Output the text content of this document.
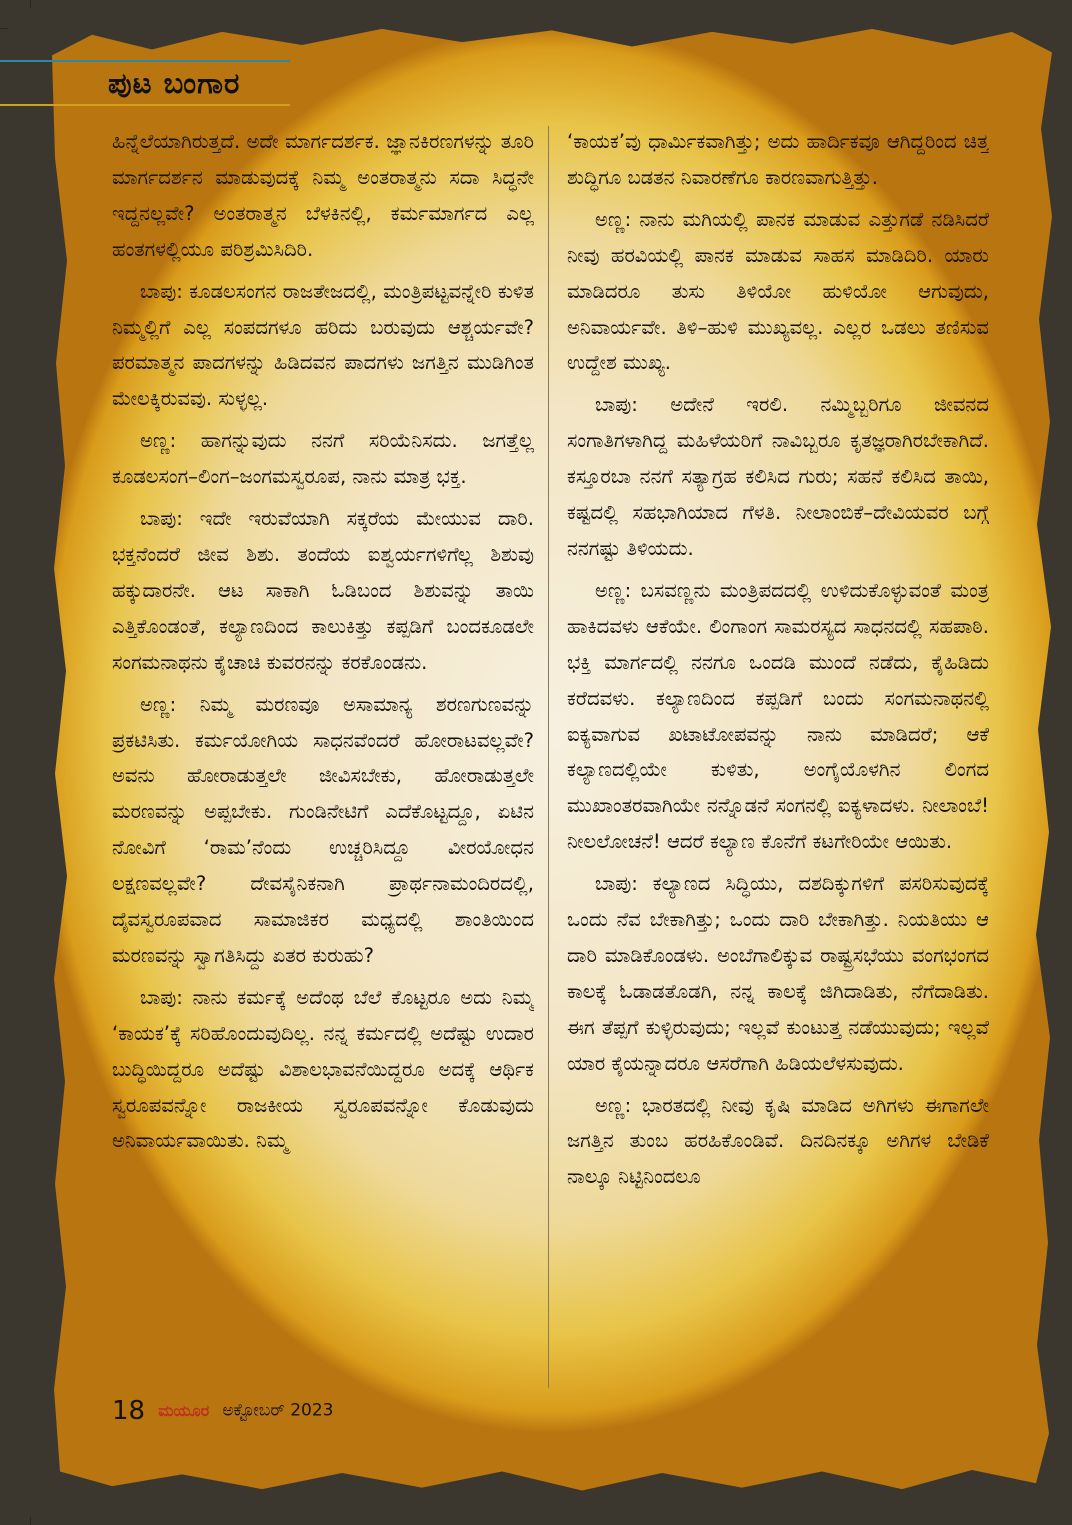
ಪುಟ ಬಂಗಾರ

ಹಿನ್ನೆಲೆಯಾಗಿರುತ್ತದೆ. ಅದೇ ಮಾರ್ಗದರ್ಶಕ. ಜ್ಞಾನಕಿರಣಗಳನ್ನು ತೂರಿ ಮಾರ್ಗದರ್ಶನ ಮಾಡುವುದಕ್ಕೆ ನಿಮ್ಮ ಅಂತರಾತ್ಮನು ಸದಾ ಸಿದ್ಧನೇ ಇದ್ದನಲ್ಲವೇ? ಅಂತರಾತ್ಮನ ಬೆಳಕಿನಲ್ಲಿ, ಕರ್ಮಮಾರ್ಗದ ಎಲ್ಲ ಹಂತಗಳಲ್ಲಿಯೂ ಪರಿಶ್ರಮಿಸಿದಿರಿ.

ಬಾಪು: ಕೂಡಲಸಂಗನ ರಾಜತೇಜದಲ್ಲಿ, ಮಂತ್ರಿಪಟ್ಟವನ್ನೇರಿ ಕುಳಿತ ನಿಮ್ಮಲ್ಲಿಗೆ ಎಲ್ಲ ಸಂಪದಗಳೂ ಹರಿದು ಬರುವುದು ಆಶ್ಚರ್ಯವೇ? ಪರಮಾತ್ಮನ ಪಾದಗಳನ್ನು ಹಿಡಿದವನ ಪಾದಗಳು ಜಗತ್ತಿನ ಮುಡಿಗಿಂತ ಮೇಲಕ್ಕಿರುವವು. ಸುಳ್ಳಲ್ಲ.

ಅಣ್ಣ: ಹಾಗನ್ನುವುದು ನನಗೆ ಸರಿಯೆನಿಸದು. ಜಗತ್ತೆಲ್ಲ ಕೂಡಲಸಂಗ–ಲಿಂಗ–ಜಂಗಮಸ್ವರೂಪ, ನಾನು ಮಾತ್ರ ಭಕ್ತ.

ಬಾಪು: ಇದೇ ಇರುವೆಯಾಗಿ ಸಕ್ಕರೆಯ ಮೇಯುವ ದಾರಿ. ಭಕ್ತನೆಂದರೆ ಜೀವ ಶಿಶು. ತಂದೆಯ ಐಶ್ವರ್ಯಗಳಿಗೆಲ್ಲ ಶಿಶುವು ಹಕ್ಕುದಾರನೇ. ಆಟ ಸಾಕಾಗಿ ಓಡಿಬಂದ ಶಿಶುವನ್ನು ತಾಯಿ ಎತ್ತಿಕೊಂಡಂತೆ, ಕಲ್ಯಾಣದಿಂದ ಕಾಲುಕಿತ್ತು ಕಪ್ಪಡಿಗೆ ಬಂದಕೂಡಲೇ ಸಂಗಮನಾಥನು ಕೈಚಾಚಿ ಕುವರನನ್ನು ಕರಕೊಂಡನು.

ಅಣ್ಣ: ನಿಮ್ಮ ಮರಣವೂ ಅಸಾಮಾನ್ಯ ಶರಣಗುಣವನ್ನು ಪ್ರಕಟಿಸಿತು. ಕರ್ಮಯೋಗಿಯ ಸಾಧನವೆಂದರೆ ಹೋರಾಟವಲ್ಲವೇ? ಅವನು ಹೋರಾಡುತ್ತಲೇ ಜೀವಿಸಬೇಕು, ಹೋರಾಡುತ್ತಲೇ ಮರಣವನ್ನು ಅಪ್ಪಬೇಕು. ಗುಂಡಿನೇಟಿಗೆ ಎದೆಕೊಟ್ಟದ್ದೂ, ಏಟಿನ ನೋವಿಗೆ ‘ರಾಮ’ನೆಂದು ಉಚ್ಚರಿಸಿದ್ದೂ ವೀರಯೋಧನ ಲಕ್ಷಣವಲ್ಲವೇ? ದೇವಸೈನಿಕನಾಗಿ ಪ್ರಾರ್ಥನಾಮಂದಿರದಲ್ಲಿ, ದೈವಸ್ವರೂಪವಾದ ಸಾಮಾಜಿಕರ ಮಧ್ಯದಲ್ಲಿ ಶಾಂತಿಯಿಂದ ಮರಣವನ್ನು ಸ್ವಾಗತಿಸಿದ್ದು ಏತರ ಕುರುಹು?

ಬಾಪು: ನಾನು ಕರ್ಮಕ್ಕೆ ಅದೆಂಥ ಬೆಲೆ ಕೊಟ್ಟರೂ ಅದು ನಿಮ್ಮ ‘ಕಾಯಕ’ಕ್ಕೆ ಸರಿಹೊಂದುವುದಿಲ್ಲ. ನನ್ನ ಕರ್ಮದಲ್ಲಿ ಅದೆಷ್ಟು ಉದಾರ ಬುದ್ಧಿಯಿದ್ದರೂ ಅದೆಷ್ಟು ವಿಶಾಲಭಾವನೆಯಿದ್ದರೂ ಅದಕ್ಕೆ ಆರ್ಥಿಕ ಸ್ವರೂಪವನ್ನೋ ರಾಜಕೀಯ ಸ್ವರೂಪವನ್ನೋ ಕೊಡುವುದು ಅನಿವಾರ್ಯವಾಯಿತು. ನಿಮ್ಮ

‘ಕಾಯಕ’ವು ಧಾರ್ಮಿಕವಾಗಿತ್ತು; ಅದು ಹಾರ್ದಿಕವೂ ಆಗಿದ್ದರಿಂದ ಚಿತ್ತ ಶುದ್ಧಿಗೂ ಬಡತನ ನಿವಾರಣೆಗೂ ಕಾರಣವಾಗುತ್ತಿತ್ತು.

ಅಣ್ಣ: ನಾನು ಮಗಿಯಲ್ಲಿ ಪಾನಕ ಮಾಡುವ ಎತ್ತುಗಡೆ ನಡಿಸಿದರೆ ನೀವು ಹರವಿಯಲ್ಲಿ ಪಾನಕ ಮಾಡುವ ಸಾಹಸ ಮಾಡಿದಿರಿ. ಯಾರು ಮಾಡಿದರೂ ತುಸು ತಿಳಿಯೋ ಹುಳಿಯೋ ಆಗುವುದು, ಅನಿವಾರ್ಯವೇ. ತಿಳಿ–ಹುಳಿ ಮುಖ್ಯವಲ್ಲ. ಎಲ್ಲರ ಒಡಲು ತಣಿಸುವ ಉದ್ದೇಶ ಮುಖ್ಯ.

ಬಾಪು: ಅದೇನೆ ಇರಲಿ. ನಮ್ಮಿಬ್ಬರಿಗೂ ಜೀವನದ ಸಂಗಾತಿಗಳಾಗಿದ್ದ ಮಹಿಳೆಯರಿಗೆ ನಾವಿಬ್ಬರೂ ಕೃತಜ್ಞರಾಗಿರಬೇಕಾಗಿದೆ. ಕಸ್ತೂರಬಾ ನನಗೆ ಸತ್ಯಾಗ್ರಹ ಕಲಿಸಿದ ಗುರು; ಸಹನೆ ಕಲಿಸಿದ ತಾಯಿ, ಕಷ್ಟದಲ್ಲಿ ಸಹಭಾಗಿಯಾದ ಗೆಳತಿ. ನೀಲಾಂಬಿಕೆ–ದೇವಿಯವರ ಬಗ್ಗೆ ನನಗಷ್ಟು ತಿಳಿಯದು.

ಅಣ್ಣ: ಬಸವಣ್ಣನು ಮಂತ್ರಿಪದದಲ್ಲಿ ಉಳಿದುಕೊಳ್ಳುವಂತೆ ಮಂತ್ರ ಹಾಕಿದವಳು ಆಕೆಯೇ. ಲಿಂಗಾಂಗ ಸಾಮರಸ್ಯದ ಸಾಧನದಲ್ಲಿ ಸಹಪಾಠಿ. ಭಕ್ತಿ ಮಾರ್ಗದಲ್ಲಿ ನನಗೂ ಒಂದಡಿ ಮುಂದೆ ನಡೆದು, ಕೈಹಿಡಿದು ಕರೆದವಳು. ಕಲ್ಯಾಣದಿಂದ ಕಪ್ಪಡಿಗೆ ಬಂದು ಸಂಗಮನಾಥನಲ್ಲಿ ಐಕ್ಯವಾಗುವ ಖಟಾಟೋಪವನ್ನು ನಾನು ಮಾಡಿದರೆ; ಆಕೆ ಕಲ್ಯಾಣದಲ್ಲಿಯೇ ಕುಳಿತು, ಅಂಗೈಯೊಳಗಿನ ಲಿಂಗದ ಮುಖಾಂತರವಾಗಿಯೇ ನನ್ನೊಡನೆ ಸಂಗನಲ್ಲಿ ಐಕ್ಯಳಾದಳು. ನೀಲಾಂಬೆ! ನೀಲಲೋಚನೆ! ಆದರೆ ಕಲ್ಯಾಣ ಕೊನೆಗೆ ಕಟಗೇರಿಯೇ ಆಯಿತು.

ಬಾಪು: ಕಲ್ಯಾಣದ ಸಿದ್ಧಿಯು, ದಶದಿಕ್ಕುಗಳಿಗೆ ಪಸರಿಸುವುದಕ್ಕೆ ಒಂದು ನೆವ ಬೇಕಾಗಿತ್ತು; ಒಂದು ದಾರಿ ಬೇಕಾಗಿತ್ತು. ನಿಯತಿಯು ಆ ದಾರಿ ಮಾಡಿಕೊಂಡಳು. ಅಂಬೆಗಾಲಿಕ್ಕುವ ರಾಷ್ಟ್ರಸಭೆಯು ವಂಗಭಂಗದ ಕಾಲಕ್ಕೆ ಓಡಾಡತೊಡಗಿ, ನನ್ನ ಕಾಲಕ್ಕೆ ಜಿಗಿದಾಡಿತು, ನೆಗೆದಾಡಿತು. ಈಗ ತೆಪ್ಪಗೆ ಕುಳ್ಳಿರುವುದು; ಇಲ್ಲವೆ ಕುಂಟುತ್ತ ನಡೆಯುವುದು; ಇಲ್ಲವೆ ಯಾರ ಕೈಯನ್ನಾದರೂ ಆಸರೆಗಾಗಿ ಹಿಡಿಯಲೆಳಸುವುದು.

ಅಣ್ಣ: ಭಾರತದಲ್ಲಿ ನೀವು ಕೃಷಿ ಮಾಡಿದ ಅಗಿಗಳು ಈಗಾಗಲೇ ಜಗತ್ತಿನ ತುಂಬ ಹರಹಿಕೊಂಡಿವೆ. ದಿನದಿನಕ್ಕೂ ಅಗಿಗಳ ಬೇಡಿಕೆ ನಾಲ್ಕೂ ನಿಟ್ಟಿನಿಂದಲೂ

18 ಮಯೂರ ಅಕ್ಟೋಬರ್ 2023
